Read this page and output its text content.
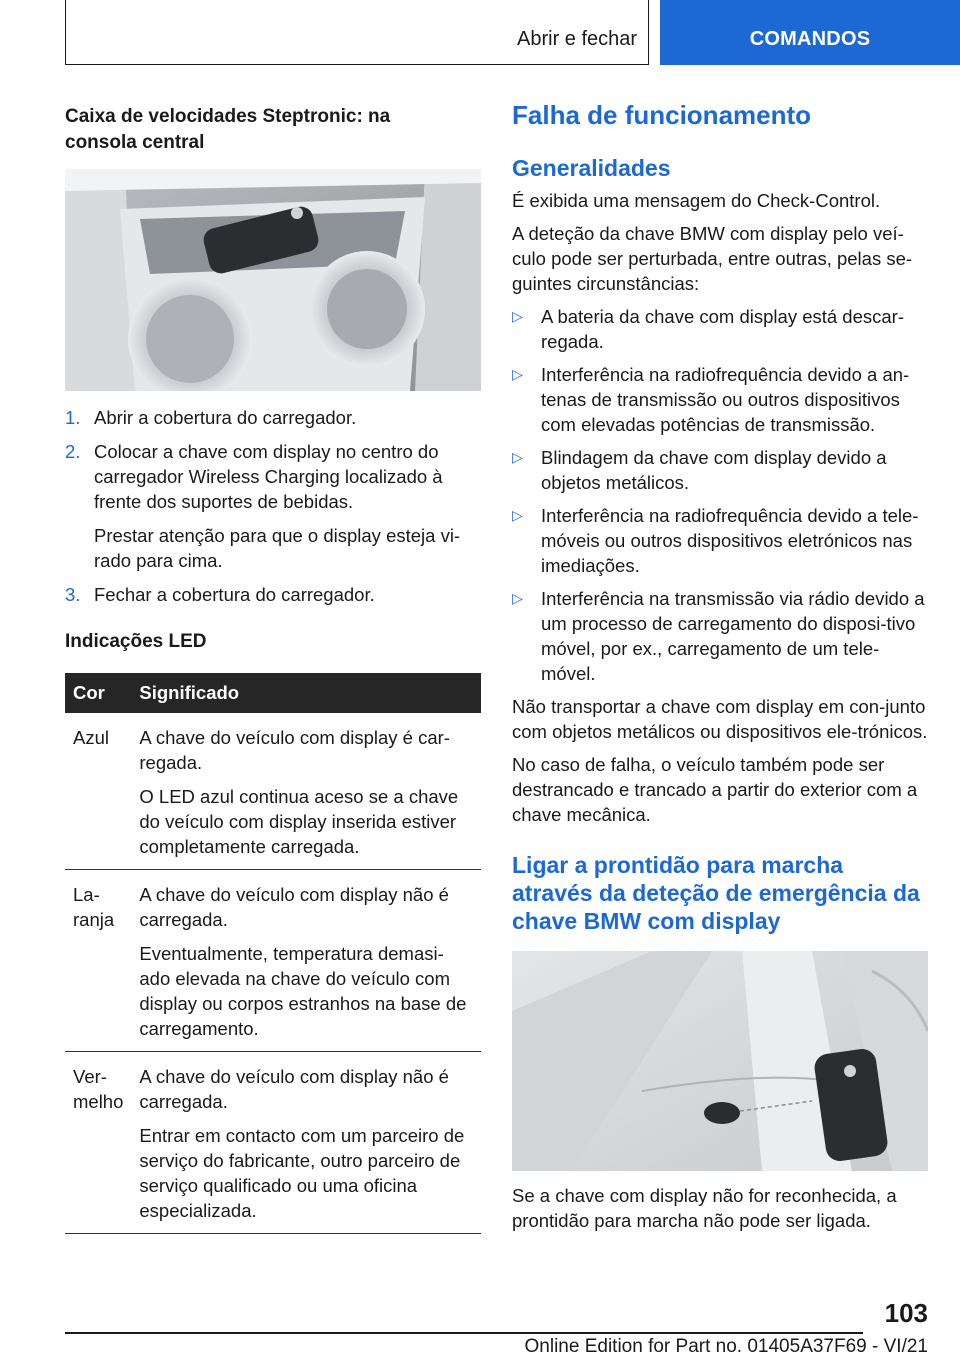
Abrir e fechar	COMANDOS
Caixa de velocidades Steptronic: na consola central
1. Abrir a cobertura do carregador.
2. Colocar a chave com display no centro do carregador Wireless Charging localizado à frente dos suportes de bebidas.
Prestar atenção para que o display esteja vi-rado para cima.
3. Fechar a cobertura do carregador.
Indicações LED
Cor	Significado
Azul	A chave do veículo com display é car-regada.

O LED azul continua aceso se a chave do veículo com display inserida estiver completamente carregada.

La-ranja	A chave do veículo com display não é carregada.

Eventualmente, temperatura demasi-ado elevada na chave do veículo com display ou corpos estranhos na base de carregamento.

Ver-melho	A chave do veículo com display não é carregada.

Entrar em contacto com um parceiro de serviço do fabricante, outro parceiro de serviço qualificado ou uma oficina especializada.

Falha de funcionamento
Generalidades

É exibida uma mensagem do Check-Control.

A deteção da chave BMW com display pelo veí-culo pode ser perturbada, entre outras, pelas se-guintes circunstâncias:

▷ A bateria da chave com display está descar-regada.
▷ Interferência na radiofrequência devido a an-tenas de transmissão ou outros dispositivos com elevadas potências de transmissão.
▷ Blindagem da chave com display devido a objetos metálicos.
▷ Interferência na radiofrequência devido a tele-móveis ou outros dispositivos eletrónicos nas imediações.
▷ Interferência na transmissão via rádio devido a um processo de carregamento do disposi-tivo móvel, por ex., carregamento de um tele-móvel.

Não transportar a chave com display em con-junto com objetos metálicos ou dispositivos ele-trónicos.

No caso de falha, o veículo também pode ser destrancado e trancado a partir do exterior com a chave mecânica.

Ligar a prontidão para marcha através da deteção de emergência da chave BMW com display

Se a chave com display não for reconhecida, a prontidão para marcha não pode ser ligada.

103
Online Edition for Part no. 01405A37F69 - VI/21
